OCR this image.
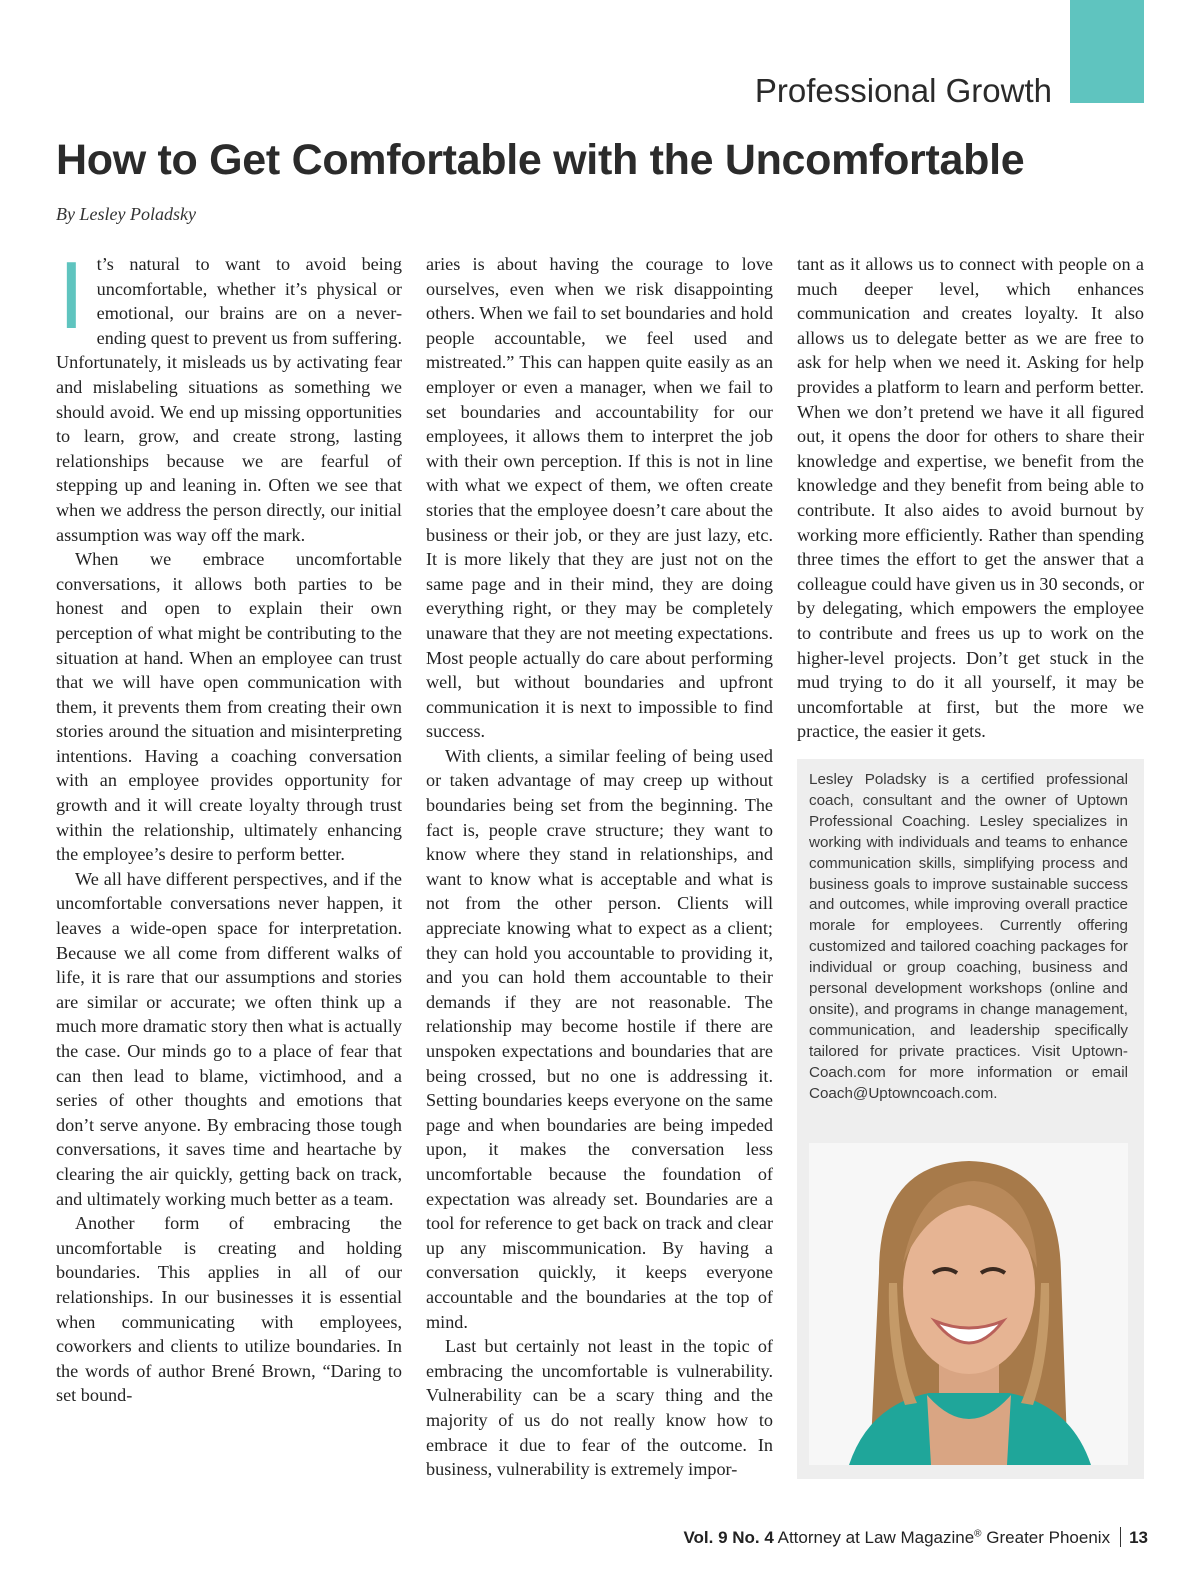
Professional Growth
How to Get Comfortable with the Uncomfortable
By Lesley Poladsky

It’s natural to want to avoid being uncomfortable, whether it’s physical or emotional, our brains are on a never-ending quest to prevent us from suffering. Unfortunately, it misleads us by activating fear and mislabeling situations as something we should avoid. We end up missing opportunities to learn, grow, and create strong, lasting relationships because we are fearful of stepping up and leaning in. Often we see that when we address the person directly, our initial assumption was way off the mark.

When we embrace uncomfortable conversations, it allows both parties to be honest and open to explain their own perception of what might be contributing to the situation at hand. When an employee can trust that we will have open communication with them, it prevents them from creating their own stories around the situation and misinterpreting intentions. Having a coaching conversation with an employee provides opportunity for growth and it will create loyalty through trust within the relationship, ultimately enhancing the employee’s desire to perform better.

We all have different perspectives, and if the uncomfortable conversations never happen, it leaves a wide-open space for interpretation. Because we all come from different walks of life, it is rare that our assumptions and stories are similar or accurate; we often think up a much more dramatic story then what is actually the case. Our minds go to a place of fear that can then lead to blame, victimhood, and a series of other thoughts and emotions that don’t serve anyone. By embracing those tough conversations, it saves time and heartache by clearing the air quickly, getting back on track, and ultimately working much better as a team.

Another form of embracing the uncomfortable is creating and holding boundaries. This applies in all of our relationships. In our businesses it is essential when communicating with employees, coworkers and clients to utilize boundaries. In the words of author Brené Brown, “Daring to set bound-

aries is about having the courage to love ourselves, even when we risk disappointing others. When we fail to set boundaries and hold people accountable, we feel used and mistreated.” This can happen quite easily as an employer or even a manager, when we fail to set boundaries and accountability for our employees, it allows them to interpret the job with their own perception. If this is not in line with what we expect of them, we often create stories that the employee doesn’t care about the business or their job, or they are just lazy, etc. It is more likely that they are just not on the same page and in their mind, they are doing everything right, or they may be completely unaware that they are not meeting expectations. Most people actually do care about performing well, but without boundaries and upfront communication it is next to impossible to find success.

With clients, a similar feeling of being used or taken advantage of may creep up without boundaries being set from the beginning. The fact is, people crave structure; they want to know where they stand in relationships, and want to know what is acceptable and what is not from the other person. Clients will appreciate knowing what to expect as a client; they can hold you accountable to providing it, and you can hold them accountable to their demands if they are not reasonable. The relationship may become hostile if there are unspoken expectations and boundaries that are being crossed, but no one is addressing it. Setting boundaries keeps everyone on the same page and when boundaries are being impeded upon, it makes the conversation less uncomfortable because the foundation of expectation was already set. Boundaries are a tool for reference to get back on track and clear up any miscommunication. By having a conversation quickly, it keeps everyone accountable and the boundaries at the top of mind.

Last but certainly not least in the topic of embracing the uncomfortable is vulnerability. Vulnerability can be a scary thing and the majority of us do not really know how to embrace it due to fear of the outcome. In business, vulnerability is extremely impor-

tant as it allows us to connect with people on a much deeper level, which enhances communication and creates loyalty. It also allows us to delegate better as we are free to ask for help when we need it. Asking for help provides a platform to learn and perform better. When we don’t pretend we have it all figured out, it opens the door for others to share their knowledge and expertise, we benefit from the knowledge and they benefit from being able to contribute. It also aides to avoid burnout by working more efficiently. Rather than spending three times the effort to get the answer that a colleague could have given us in 30 seconds, or by delegating, which empowers the employee to contribute and frees us up to work on the higher-level projects. Don’t get stuck in the mud trying to do it all yourself, it may be uncomfortable at first, but the more we practice, the easier it gets.

Lesley Poladsky is a certified professional coach, consultant and the owner of Uptown Professional Coaching. Lesley specializes in working with individuals and teams to enhance communication skills, simplifying process and business goals to improve sustainable success and outcomes, while improving overall practice morale for employees. Currently offering customized and tailored coaching packages for individual or group coaching, business and personal development workshops (online and onsite), and programs in change management, communication, and leadership specifically tailored for private practices. Visit Uptown-Coach.com for more information or email Coach@Uptowncoach.com.

Vol. 9 No. 4 Attorney at Law Magazine® Greater Phoenix 13
